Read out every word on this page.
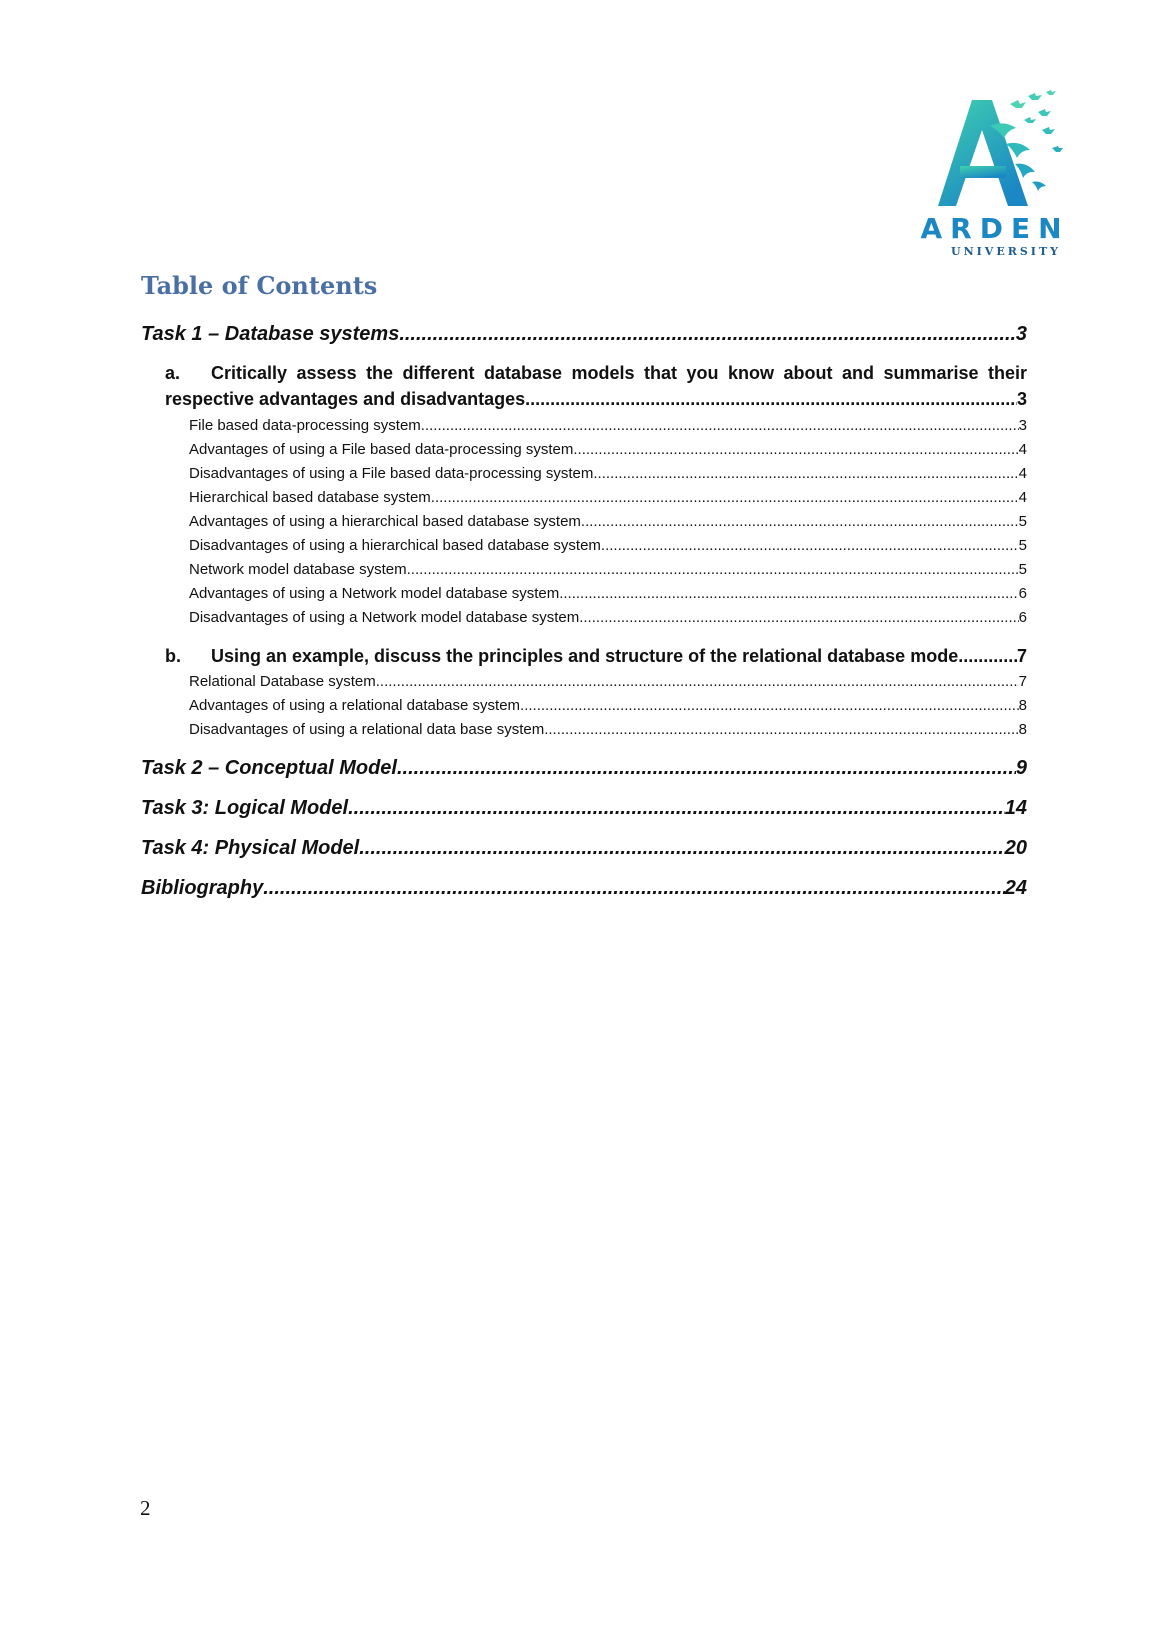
ARDEN
UNIVERSITY
Table of Contents
Task 1 – Database systems .....	3
a. Critically assess the different database models that you know about and summarise their
respective advantages and disadvantages. .....	3
File based data-processing system .....	3
Advantages of using a File based data-processing system .....	4
Disadvantages of using a File based data-processing system .....	4
Hierarchical based database system .....	4
Advantages of using a hierarchical based database system .....	5
Disadvantages of using a hierarchical based database system .....	5
Network model database system .....	5
Advantages of using a Network model database system .....	6
Disadvantages of using a Network model database system .....	6
b.	Using an example, discuss the principles and structure of the relational database mode. .....	7
Relational Database system .....	7
Advantages of using a relational database system .....	8
Disadvantages of using a relational data base system .....	8
Task 2 – Conceptual Model .....	9
Task 3: Logical Model .....	14
Task 4: Physical Model .....	20
Bibliography .....	24
2
